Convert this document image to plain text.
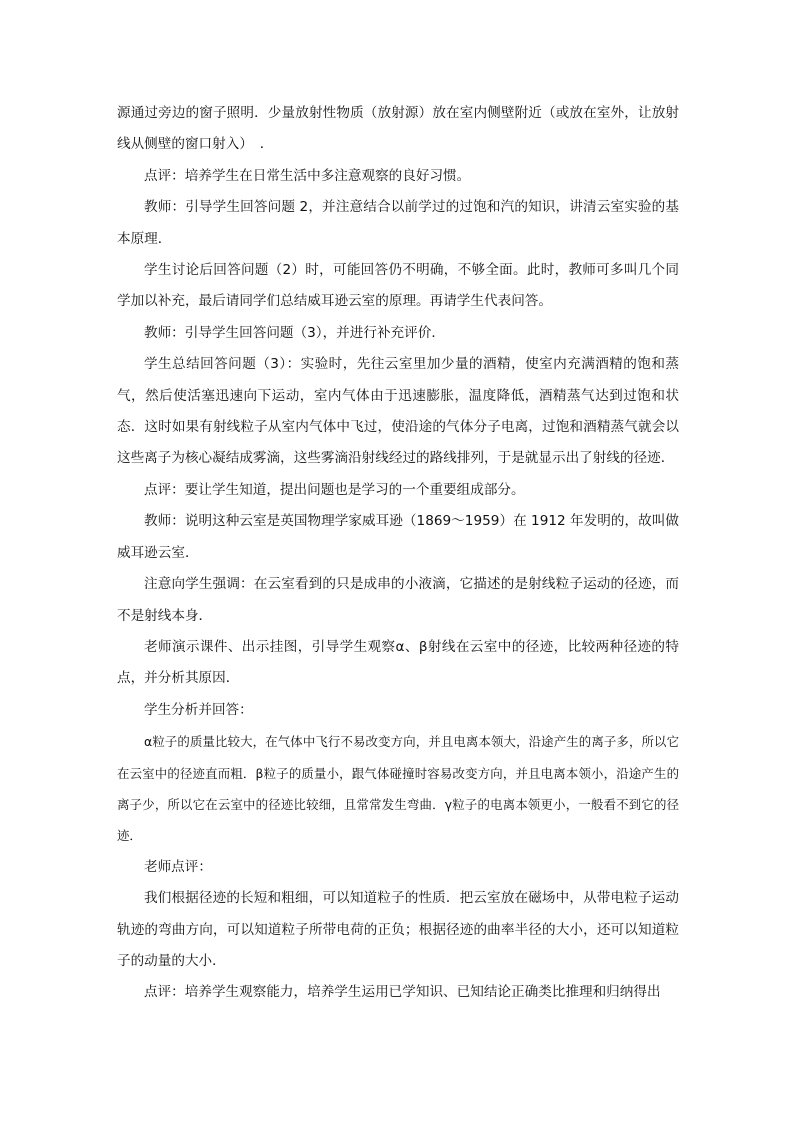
源通过旁边的窗子照明．少量放射性物质（放射源）放在室内侧壁附近（或放在室外，让放射线从侧壁的窗口射入）　．

点评：培养学生在日常生活中多注意观察的良好习惯。

教师：引导学生回答问题 2，并注意结合以前学过的过饱和汽的知识，讲清云室实验的基本原理．

学生讨论后回答问题（2）时，可能回答仍不明确，不够全面。此时，教师可多叫几个同学加以补充，最后请同学们总结威耳逊云室的原理。再请学生代表问答。

教师：引导学生回答问题（3），并进行补充评价．

学生总结回答问题（3）：实验时，先往云室里加少量的酒精，使室内充满酒精的饱和蒸气，然后使活塞迅速向下运动，室内气体由于迅速膨胀，温度降低，酒精蒸气达到过饱和状态．这时如果有射线粒子从室内气体中飞过，使沿途的气体分子电离，过饱和酒精蒸气就会以这些离子为核心凝结成雾滴，这些雾滴沿射线经过的路线排列，于是就显示出了射线的径迹．

点评：要让学生知道，提出问题也是学习的一个重要组成部分。

教师：说明这种云室是英国物理学家威耳逊（1869～1959）在 1912 年发明的，故叫做威耳逊云室．

注意向学生强调：在云室看到的只是成串的小液滴，它描述的是射线粒子运动的径迹，而不是射线本身．

老师演示课件、出示挂图，引导学生观察α、β射线在云室中的径迹，比较两种径迹的特点，并分析其原因．

学生分析并回答：

α粒子的质量比较大，在气体中飞行不易改变方向，并且电离本领大，沿途产生的离子多，所以它在云室中的径迹直而粗．β粒子的质量小，跟气体碰撞时容易改变方向，并且电离本领小，沿途产生的离子少，所以它在云室中的径迹比较细，且常常发生弯曲．γ粒子的电离本领更小，一般看不到它的径迹．

老师点评：

我们根据径迹的长短和粗细，可以知道粒子的性质．把云室放在磁场中，从带电粒子运动轨迹的弯曲方向，可以知道粒子所带电荷的正负；根据径迹的曲率半径的大小，还可以知道粒子的动量的大小．

点评：培养学生观察能力，培养学生运用已学知识、已知结论正确类比推理和归纳得出
